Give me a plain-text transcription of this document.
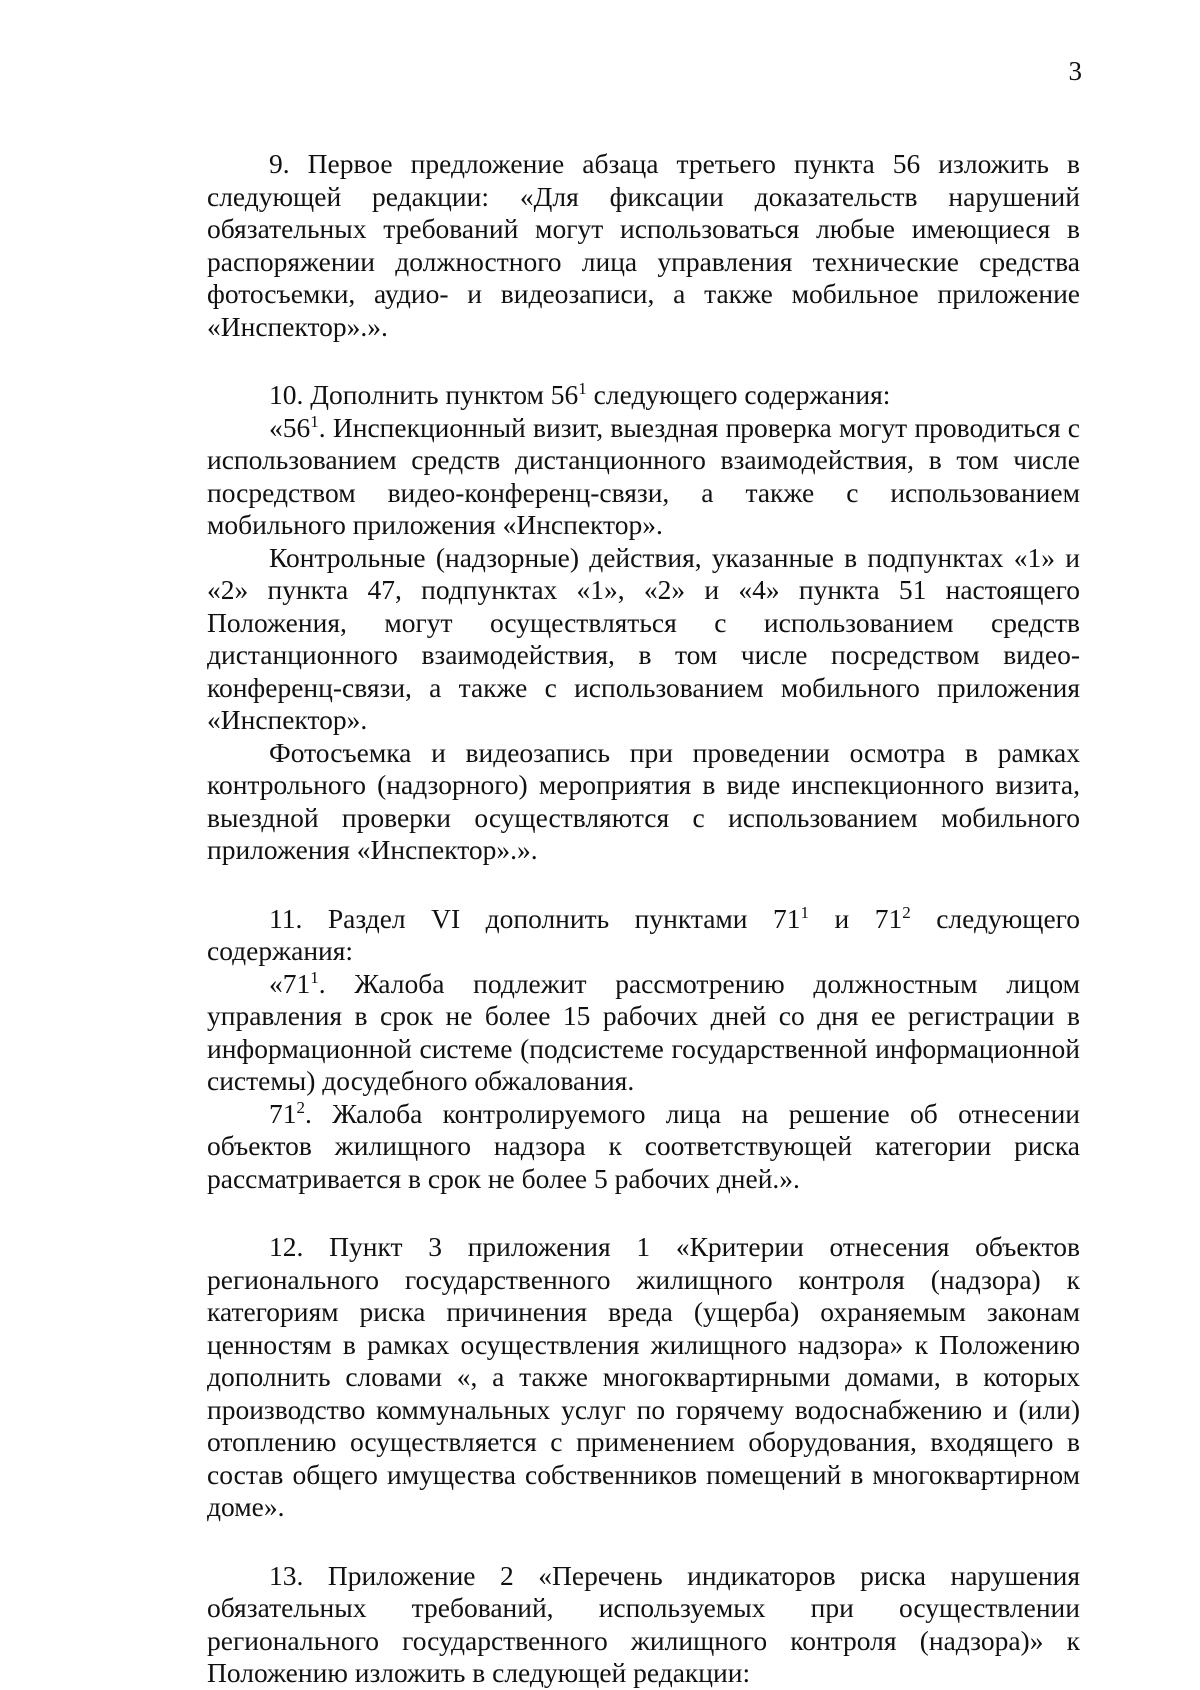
3

9. Первое предложение абзаца третьего пункта 56 изложить в следующей редакции: «Для фиксации доказательств нарушений обязательных требований могут использоваться любые имеющиеся в распоряжении должностного лица управления технические средства фотосъемки, аудио- и видеозаписи, а также мобильное приложение «Инспектор».».

10. Дополнить пунктом $56^1$ следующего содержания:

«$56^1$. Инспекционный визит, выездная проверка могут проводиться с использованием средств дистанционного взаимодействия, в том числе посредством видео-конференц-связи, а также с использованием мобильного приложения «Инспектор».

Контрольные (надзорные) действия, указанные в подпунктах «1» и «2» пункта 47, подпунктах «1», «2» и «4» пункта 51 настоящего Положения, могут осуществляться с использованием средств дистанционного взаимодействия, в том числе посредством видео-конференц-связи, а также с использованием мобильного приложения «Инспектор».

Фотосъемка и видеозапись при проведении осмотра в рамках контрольного (надзорного) мероприятия в виде инспекционного визита, выездной проверки осуществляются с использованием мобильного приложения «Инспектор».».

11. Раздел VI дополнить пунктами $71^1$ и $71^2$ следующего содержания:

«$71^1$. Жалоба подлежит рассмотрению должностным лицом управления в срок не более 15 рабочих дней со дня ее регистрации в информационной системе (подсистеме государственной информационной системы) досудебного обжалования.

$71^2$. Жалоба контролируемого лица на решение об отнесении объектов жилищного надзора к соответствующей категории риска рассматривается в срок не более 5 рабочих дней.».

12. Пункт 3 приложения 1 «Критерии отнесения объектов регионального государственного жилищного контроля (надзора) к категориям риска причинения вреда (ущерба) охраняемым законам ценностям в рамках осуществления жилищного надзора» к Положению дополнить словами «, а также многоквартирными домами, в которых производство коммунальных услуг по горячему водоснабжению и (или) отоплению осуществляется с применением оборудования, входящего в состав общего имущества собственников помещений в многоквартирном доме».

13. Приложение 2 «Перечень индикаторов риска нарушения обязательных требований, используемых при осуществлении регионального государственного жилищного контроля (надзора)» к Положению изложить в следующей редакции:
